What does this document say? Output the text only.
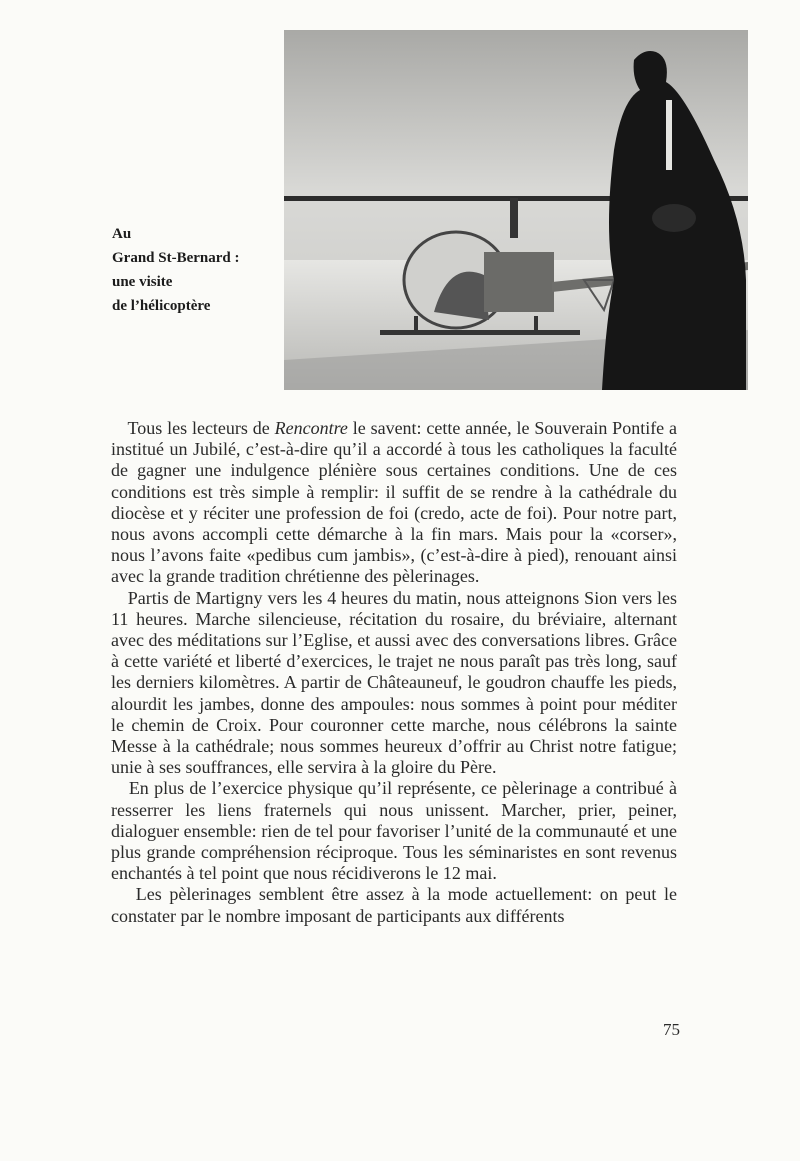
Au
Grand St-Bernard :
une visite
de l’hélicoptère

Tous les lecteurs de Rencontre le savent: cette année, le Souverain Pontife a institué un Jubilé, c’est-à-dire qu’il a accordé à tous les catholiques la faculté de gagner une indulgence plénière sous certaines conditions. Une de ces conditions est très simple à remplir: il suffit de se rendre à la cathédrale du diocèse et y réciter une profession de foi (credo, acte de foi). Pour notre part, nous avons accompli cette démarche à la fin mars. Mais pour la «corser», nous l’avons faite «pedibus cum jambis», (c’est-à-dire à pied), renouant ainsi avec la grande tradition chrétienne des pèlerinages.

Partis de Martigny vers les 4 heures du matin, nous atteignons Sion vers les 11 heures. Marche silencieuse, récitation du rosaire, du bréviaire, alternant avec des méditations sur l’Eglise, et aussi avec des conversations libres. Grâce à cette variété et liberté d’exercices, le trajet ne nous paraît pas très long, sauf les derniers kilomètres. A partir de Châteauneuf, le goudron chauffe les pieds, alourdit les jambes, donne des ampoules: nous sommes à point pour méditer le chemin de Croix. Pour couronner cette marche, nous célébrons la sainte Messe à la cathédrale; nous sommes heureux d’offrir au Christ notre fatigue; unie à ses souffrances, elle servira à la gloire du Père.

En plus de l’exercice physique qu’il représente, ce pèlerinage a contribué à resserrer les liens fraternels qui nous unissent. Marcher, prier, peiner, dialoguer ensemble: rien de tel pour favoriser l’unité de la communauté et une plus grande compréhension réciproque. Tous les séminaristes en sont revenus enchantés à tel point que nous récidiverons le 12 mai.

Les pèlerinages semblent être assez à la mode actuellement: on peut le constater par le nombre imposant de participants aux différents

75
